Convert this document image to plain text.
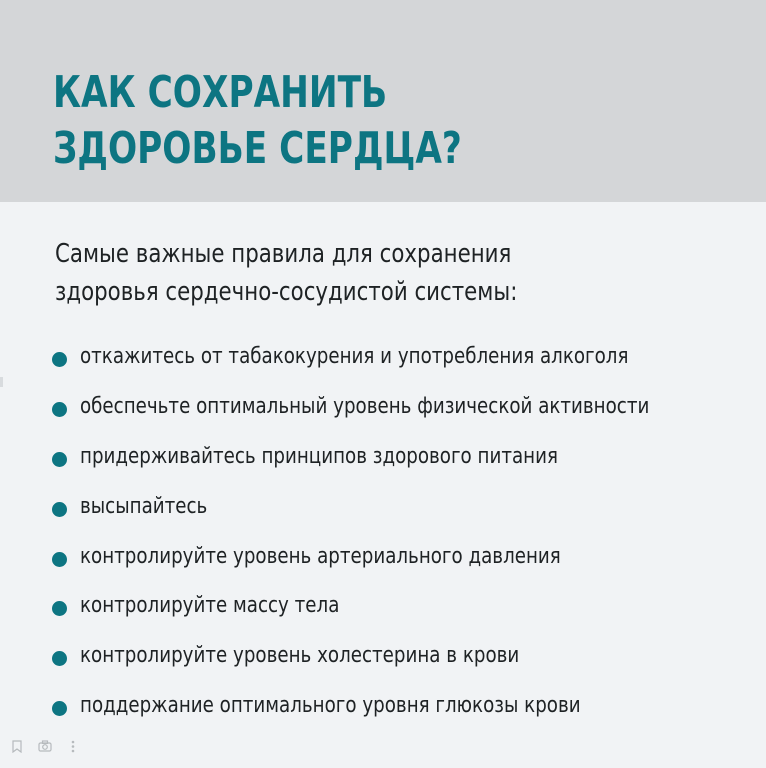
КАК СОХРАНИТЬ
ЗДОРОВЬЕ СЕРДЦА?

Самые важные правила для сохранения
здоровья сердечно-сосудистой системы:

откажитесь от табакокурения и употребления алкоголя
обеспечьте оптимальный уровень физической активности
придерживайтесь принципов здорового питания
высыпайтесь
контролируйте уровень артериального давления
контролируйте массу тела
контролируйте уровень холестерина в крови
поддержание оптимального уровня глюкозы крови
